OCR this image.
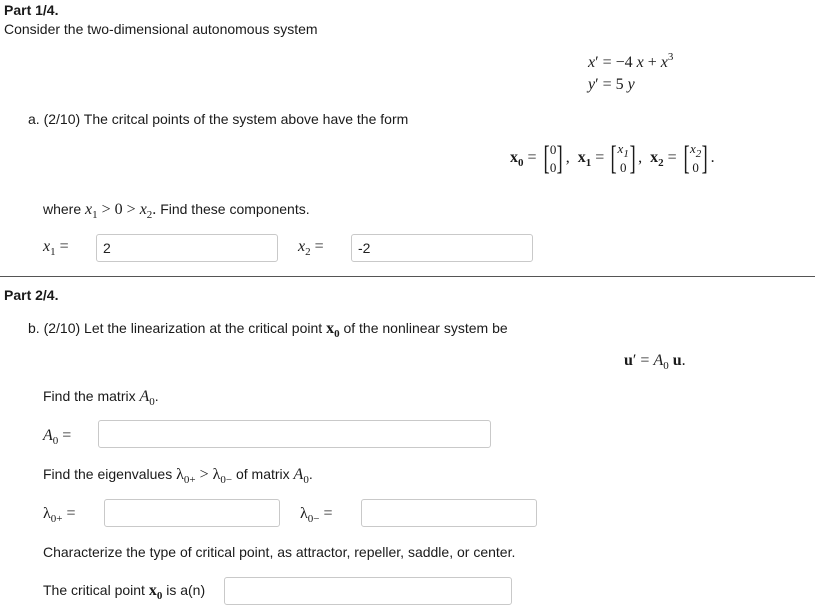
Part 1/4.
Consider the two-dimensional autonomous system
x′ = −4 $x + x^3$
y′ = 5 y
a. (2/10) The critcal points of the system above have the form
$x_0$ = [ 0
0 ] ,  $x_1$ = [ $x_1$
0 ] ,  $x_2$ = [ $x_2$
0 ] .
where $x_1 > 0 > x_2$. Find these components.
$x_1$ =
2	$x_2$ =
-2
Part 2/4.
b. (2/10) Let the linearization at the critical point $x_0$ of the nonlinear system be
$u' = A_0$ u.
Find the matrix $A_0$.
$A_0$ =
Find the eigenvalues $\lambda_{0+} > \lambda_{0-}$ of matrix $A_0$.
$\lambda_{0+}$ =	$\lambda_{0-}$ =
Characterize the type of critical point, as attractor, repeller, saddle, or center.
The critical point $x_0$ is a(n)
